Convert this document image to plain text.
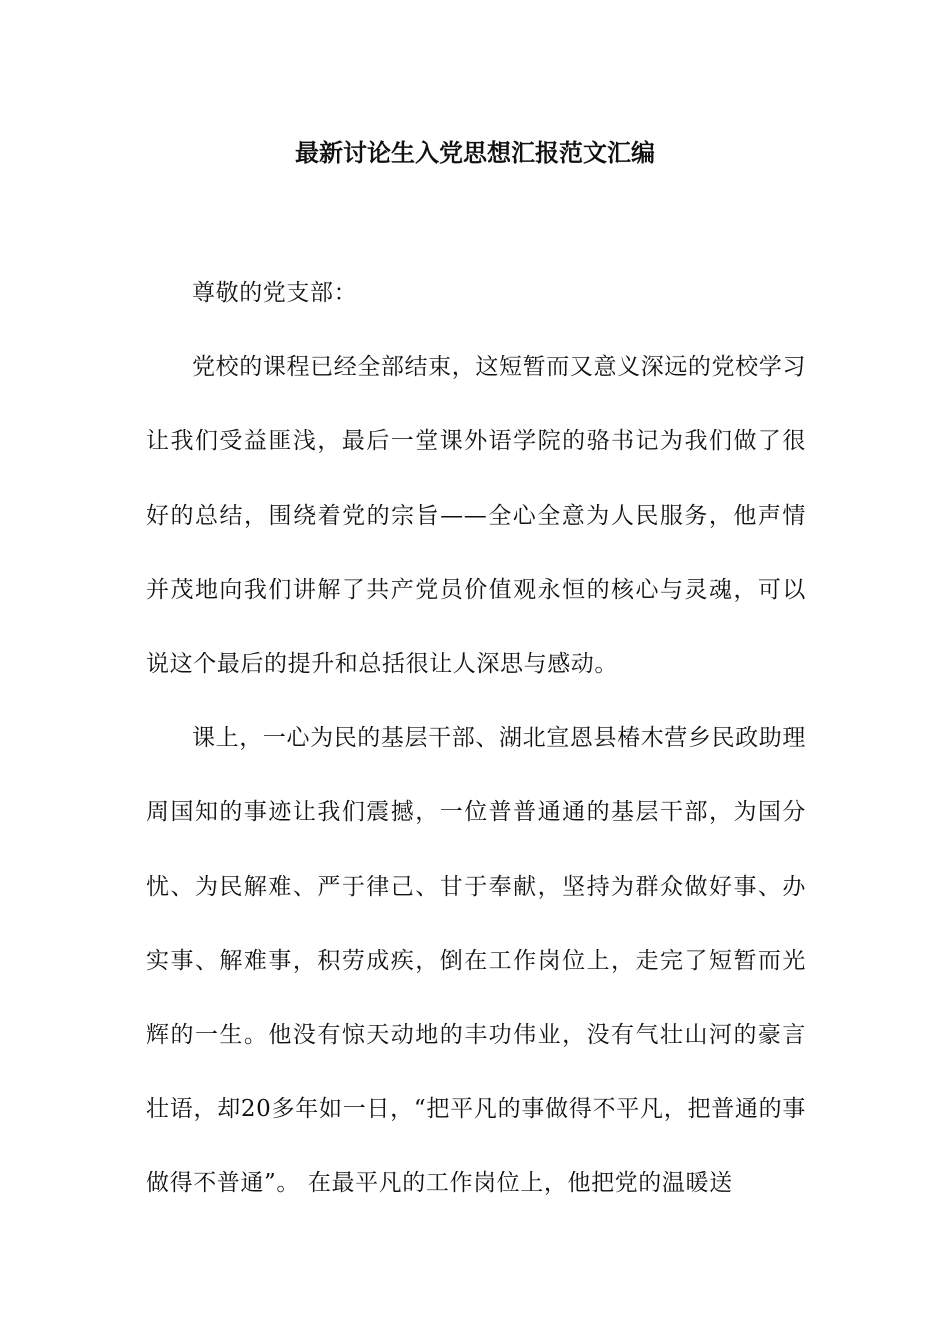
最新讨论生入党思想汇报范文汇编

尊敬的党支部：

党校的课程已经全部结束，这短暂而又意义深远的党校学习让我们受益匪浅，最后一堂课外语学院的骆书记为我们做了很好的总结，围绕着党的宗旨——全心全意为人民服务，他声情并茂地向我们讲解了共产党员价值观永恒的核心与灵魂，可以说这个最后的提升和总括很让人深思与感动。

课上，一心为民的基层干部、湖北宣恩县椿木营乡民政助理周国知的事迹让我们震撼，一位普普通通的基层干部，为国分忧、为民解难、严于律己、甘于奉献，坚持为群众做好事、办实事、解难事，积劳成疾，倒在工作岗位上，走完了短暂而光辉的一生。他没有惊天动地的丰功伟业，没有气壮山河的豪言壮语，却20多年如一日，“把平凡的事做得不平凡，把普通的事做得不普通”。 在最平凡的工作岗位上，他把党的温暖送
